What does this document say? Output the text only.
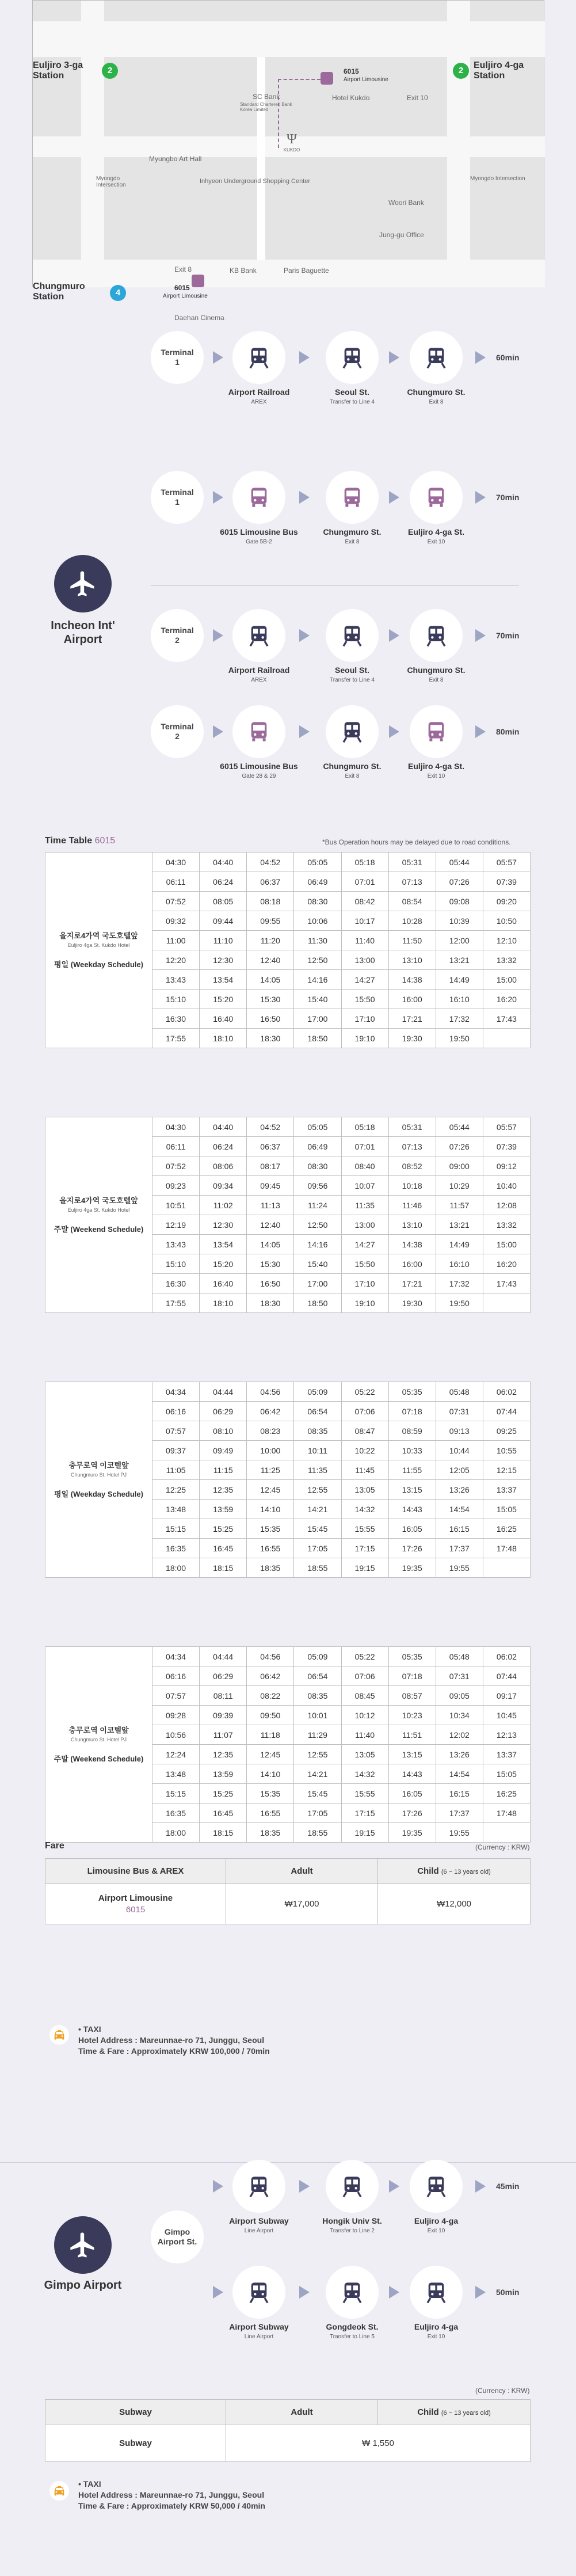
2
Euljiro 3-ga Station
2
Euljiro 4-ga Station
4
Chungmuro Station
SC Bank
Standard Chartered Bank Korea Limited
Hotel Kukdo	Exit 10
Myungbo Art Hall
Myongdo Intersection
Myongdo Intersection
Inhyeon Underground Shopping Center
Woori Bank
Jung-gu Office
Exit 8	KB Bank	Paris Baguette
Daehan Cinema
Ψ
KUKDO
6015
Airport Limousine
6015
Airport Limousine
Incheon Int' Airport
Terminal 1
Airport Railroad
AREX
Seoul St.
Transfer to Line 4
Chungmuro St.
Exit 8
60min
Terminal 1
6015 Limousine Bus
Gate 5B-2
Chungmuro St.
Exit 8
Euljiro 4-ga St.
Exit 10
70min
Terminal 2
Airport Railroad
AREX
Seoul St.
Transfer to Line 4
Chungmuro St.
Exit 8
70min
Terminal 2
6015 Limousine Bus
Gate 28 & 29
Chungmuro St.
Exit 8
Euljiro 4-ga St.
Exit 10
80min
Time Table 6015	*Bus Operation hours may be delayed due to road conditions.
을지로4가역 국도호텔앞
Euljiro 4ga St. Kukdo Hotel
평일 (Weekday Schedule)	04:30	04:40	04:52	05:05	05:18	05:31	05:44	05:57
	06:11	06:24	06:37	06:49	07:01	07:13	07:26	07:39
	07:52	08:05	08:18	08:30	08:42	08:54	09:08	09:20
	09:32	09:44	09:55	10:06	10:17	10:28	10:39	10:50
	11:00	11:10	11:20	11:30	11:40	11:50	12:00	12:10
	12:20	12:30	12:40	12:50	13:00	13:10	13:21	13:32
	13:43	13:54	14:05	14:16	14:27	14:38	14:49	15:00
	15:10	15:20	15:30	15:40	15:50	16:00	16:10	16:20
	16:30	16:40	16:50	17:00	17:10	17:21	17:32	17:43
	17:55	18:10	18:30	18:50	19:10	19:30	19:50	
을지로4가역 국도호텔앞
Euljiro 4ga St. Kukdo Hotel
주말 (Weekend Schedule)	04:30	04:40	04:52	05:05	05:18	05:31	05:44	05:57
	06:11	06:24	06:37	06:49	07:01	07:13	07:26	07:39
	07:52	08:06	08:17	08:30	08:40	08:52	09:00	09:12
	09:23	09:34	09:45	09:56	10:07	10:18	10:29	10:40
	10:51	11:02	11:13	11:24	11:35	11:46	11:57	12:08
	12:19	12:30	12:40	12:50	13:00	13:10	13:21	13:32
	13:43	13:54	14:05	14:16	14:27	14:38	14:49	15:00
	15:10	15:20	15:30	15:40	15:50	16:00	16:10	16:20
	16:30	16:40	16:50	17:00	17:10	17:21	17:32	17:43
	17:55	18:10	18:30	18:50	19:10	19:30	19:50	
충무로역 이코텔앞
Chungmuro St. Hotel PJ
평일 (Weekday Schedule)	04:34	04:44	04:56	05:09	05:22	05:35	05:48	06:02
	06:16	06:29	06:42	06:54	07:06	07:18	07:31	07:44
	07:57	08:10	08:23	08:35	08:47	08:59	09:13	09:25
	09:37	09:49	10:00	10:11	10:22	10:33	10:44	10:55
	11:05	11:15	11:25	11:35	11:45	11:55	12:05	12:15
	12:25	12:35	12:45	12:55	13:05	13:15	13:26	13:37
	13:48	13:59	14:10	14:21	14:32	14:43	14:54	15:05
	15:15	15:25	15:35	15:45	15:55	16:05	16:15	16:25
	16:35	16:45	16:55	17:05	17:15	17:26	17:37	17:48
	18:00	18:15	18:35	18:55	19:15	19:35	19:55	
충무로역 이코텔앞
Chungmuro St. Hotel PJ
주말 (Weekend Schedule)	04:34	04:44	04:56	05:09	05:22	05:35	05:48	06:02
	06:16	06:29	06:42	06:54	07:06	07:18	07:31	07:44
	07:57	08:11	08:22	08:35	08:45	08:57	09:05	09:17
	09:28	09:39	09:50	10:01	10:12	10:23	10:34	10:45
	10:56	11:07	11:18	11:29	11:40	11:51	12:02	12:13
	12:24	12:35	12:45	12:55	13:05	13:15	13:26	13:37
	13:48	13:59	14:10	14:21	14:32	14:43	14:54	15:05
	15:15	15:25	15:35	15:45	15:55	16:05	16:15	16:25
	16:35	16:45	16:55	17:05	17:15	17:26	17:37	17:48
	18:00	18:15	18:35	18:55	19:15	19:35	19:55	
Fare	(Currency : KRW)
Limousine Bus & AREX	Adult	Child (6 ~ 13 years old)
Airport Limousine
6015	₩17,000	₩12,000
• TAXI
Hotel Address : Mareunnae-ro 71, Junggu, Seoul
Time & Fare : Approximately KRW 100,000 / 70min
Gimpo Airport
Gimpo Airport St.
Airport Subway
Line Airport
Hongik Univ St.
Transfer to Line 2
Euljiro 4-ga
Exit 10
45min
Airport Subway
Line Airport
Gongdeok St.
Transfer to Line 5
Euljiro 4-ga
Exit 10
50min
(Currency : KRW)
Subway	Adult	Child (6 ~ 13 years old)
Subway	₩ 1,550	
• TAXI
Hotel Address : Mareunnae-ro 71, Junggu, Seoul
Time & Fare : Approximately KRW 50,000 / 40min
